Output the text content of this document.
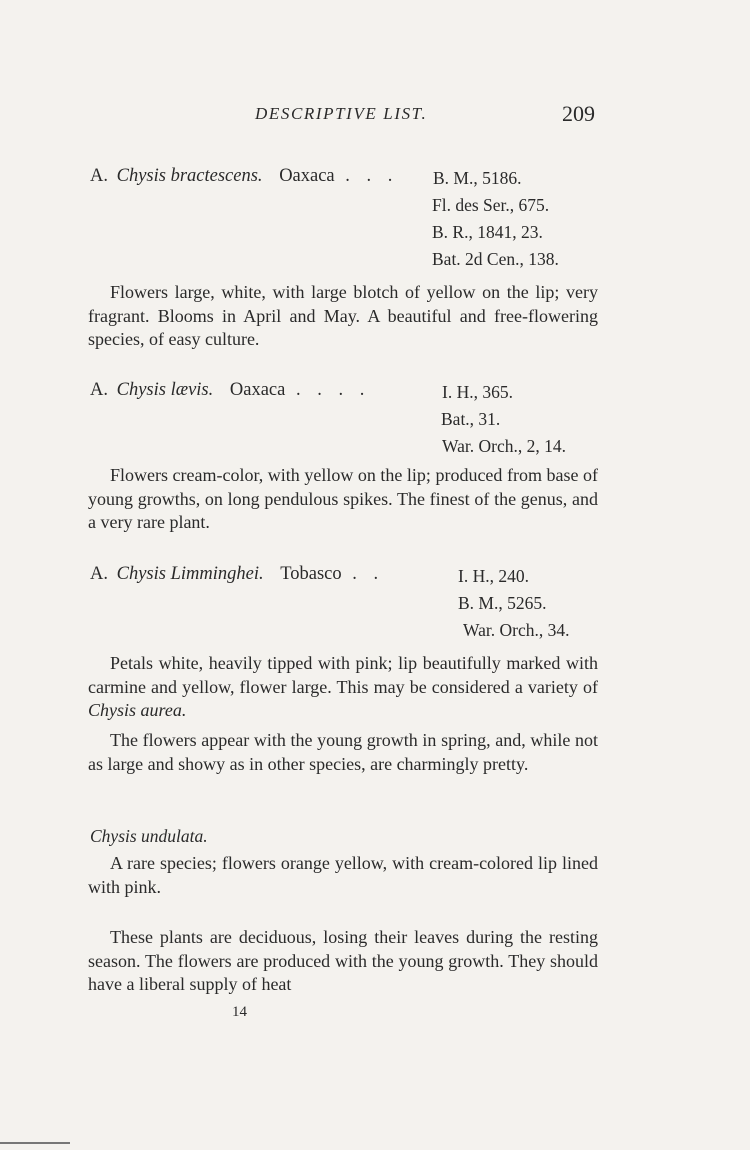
DESCRIPTIVE LIST.	209
A. Chysis bractescens. Oaxaca . . . B. M., 5186.
Fl. des Ser., 675.
B. R., 1841, 23.
Bat. 2d Cen., 138.
Flowers large, white, with large blotch of yellow on the lip; very fragrant. Blooms in April and May. A beautiful and free-flowering species, of easy culture.
A. Chysis lævis. Oaxaca . . . .	I. H., 365.
Bat., 31.
War. Orch., 2, 14.
Flowers cream-color, with yellow on the lip; produced from base of young growths, on long pendulous spikes. The finest of the genus, and a very rare plant.
A. Chysis Limminghei. Tobasco . .	I. H., 240.
B. M., 5265.
War. Orch., 34.
Petals white, heavily tipped with pink; lip beautifully marked with carmine and yellow, flower large. This may be considered a variety of Chysis aurea.
The flowers appear with the young growth in spring, and, while not as large and showy as in other species, are charmingly pretty.
Chysis undulata.
A rare species; flowers orange yellow, with cream-colored lip lined with pink.
These plants are deciduous, losing their leaves during the resting season. The flowers are produced with the young growth. They should have a liberal supply of heat
14
